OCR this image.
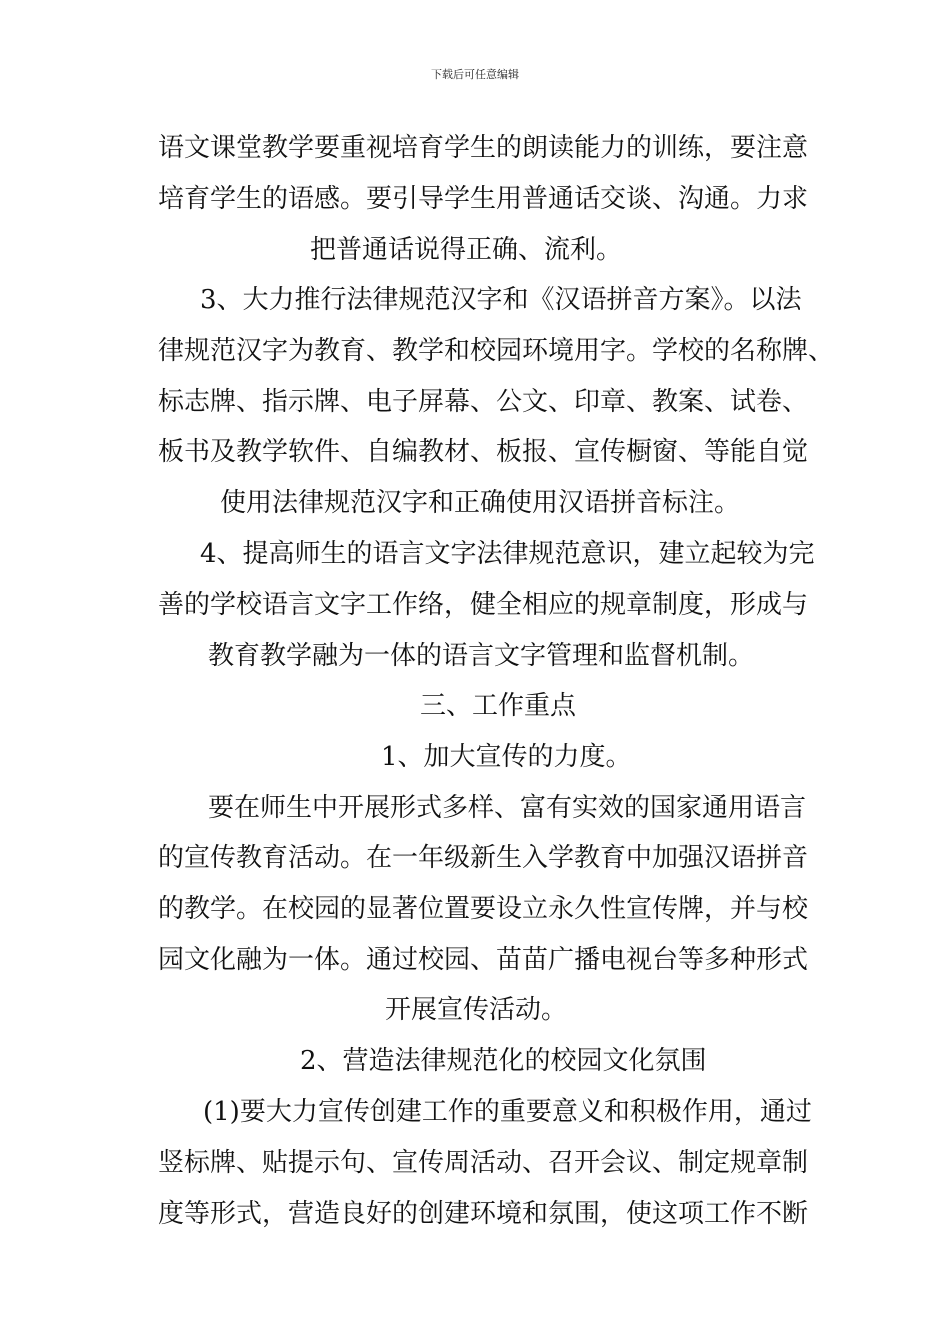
下载后可任意编辑
语文课堂教学要重视培育学生的朗读能力的训练，要注意
培育学生的语感。要引导学生用普通话交谈、沟通。力求
把普通话说得正确、流利。
3、大力推行法律规范汉字和《汉语拼音方案》。以法
律规范汉字为教育、教学和校园环境用字。学校的名称牌、
标志牌、指示牌、电子屏幕、公文、印章、教案、试卷、
板书及教学软件、自编教材、板报、宣传橱窗、等能自觉
使用法律规范汉字和正确使用汉语拼音标注。
4、提高师生的语言文字法律规范意识，建立起较为完
善的学校语言文字工作络，健全相应的规章制度，形成与
教育教学融为一体的语言文字管理和监督机制。
三、工作重点
1、加大宣传的力度。
要在师生中开展形式多样、富有实效的国家通用语言
的宣传教育活动。在一年级新生入学教育中加强汉语拼音
的教学。在校园的显著位置要设立永久性宣传牌，并与校
园文化融为一体。通过校园、苗苗广播电视台等多种形式
开展宣传活动。
2、营造法律规范化的校园文化氛围
(1)要大力宣传创建工作的重要意义和积极作用，通过
竖标牌、贴提示句、宣传周活动、召开会议、制定规章制
度等形式，营造良好的创建环境和氛围，使这项工作不断
